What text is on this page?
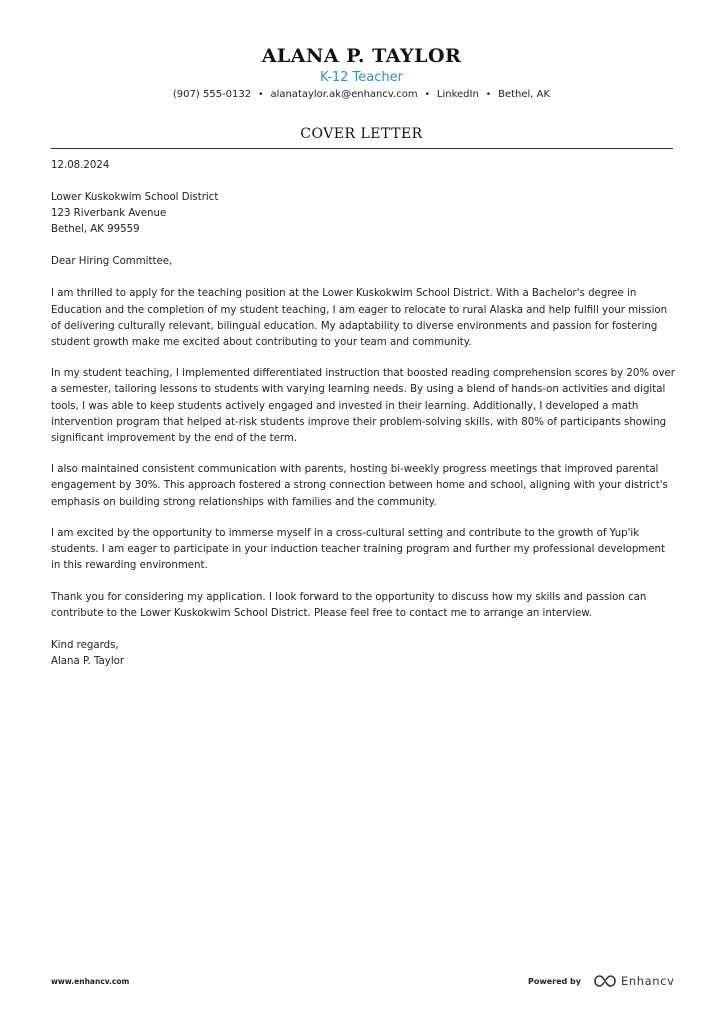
ALANA P. TAYLOR
K-12 Teacher
(907) 555-0132 • alanataylor.ak@enhancv.com • LinkedIn • Bethel, AK
COVER LETTER
12.08.2024
Lower Kuskokwim School District
123 Riverbank Avenue
Bethel, AK 99559
Dear Hiring Committee,

I am thrilled to apply for the teaching position at the Lower Kuskokwim School District. With a Bachelor's degree in Education and the completion of my student teaching, I am eager to relocate to rural Alaska and help fulfill your mission of delivering culturally relevant, bilingual education. My adaptability to diverse environments and passion for fostering student growth make me excited about contributing to your team and community.

In my student teaching, I implemented differentiated instruction that boosted reading comprehension scores by 20% over a semester, tailoring lessons to students with varying learning needs. By using a blend of hands-on activities and digital tools, I was able to keep students actively engaged and invested in their learning. Additionally, I developed a math intervention program that helped at-risk students improve their problem-solving skills, with 80% of participants showing significant improvement by the end of the term.

I also maintained consistent communication with parents, hosting bi-weekly progress meetings that improved parental engagement by 30%. This approach fostered a strong connection between home and school, aligning with your district's emphasis on building strong relationships with families and the community.

I am excited by the opportunity to immerse myself in a cross-cultural setting and contribute to the growth of Yup'ik students. I am eager to participate in your induction teacher training program and further my professional development in this rewarding environment.

Thank you for considering my application. I look forward to the opportunity to discuss how my skills and passion can contribute to the Lower Kuskokwim School District. Please feel free to contact me to arrange an interview.

Kind regards,
Alana P. Taylor
www.enhancv.com	Powered by	Enhancv
